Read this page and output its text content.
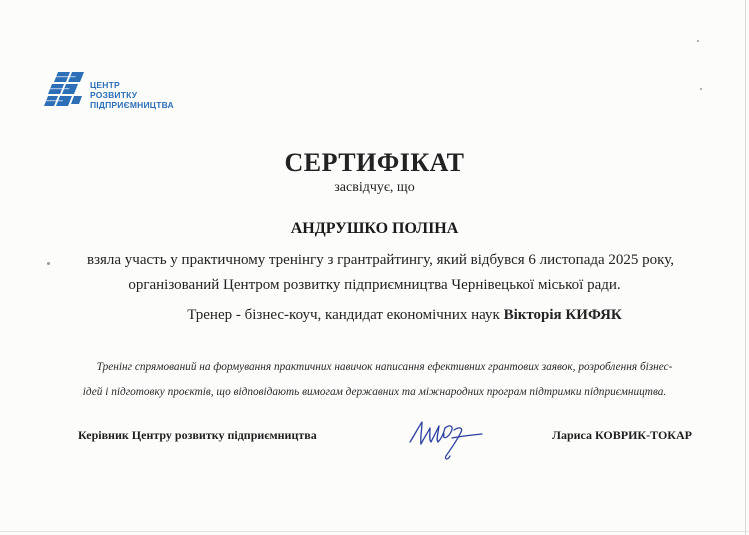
ЦЕНТР
РОЗВИТКУ
ПІДПРИЄМНИЦТВА
СЕРТИФІКАТ
засвідчує, що
АНДРУШКО ПОЛІНА
взяла участь у практичному тренінгу з грантрайтингу, який відбувся 6 листопада 2025 року,
організований Центром розвитку підприємництва Чернівецької міської ради.
Тренер - бізнес-коуч, кандидат економічних наук Вікторія КИФЯК
Тренінг спрямований на формування практичних навичок написання ефективних грантових заявок, розроблення бізнес-
ідей і підготовку проєктів, що відповідають вимогам державних та міжнародних програм підтримки підприємництва.
Керівник Центру розвитку підприємництва	Лариса КОВРИК-ТОКАР
